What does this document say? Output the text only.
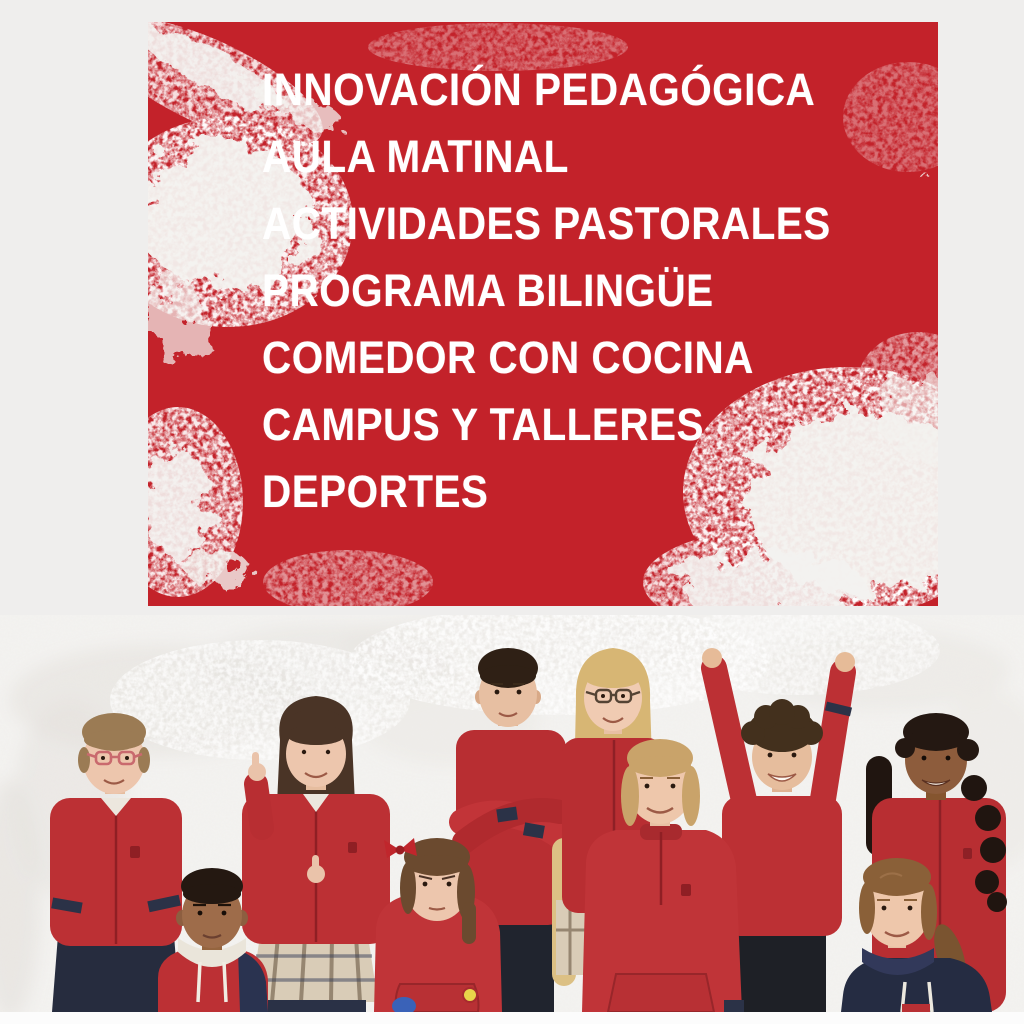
INNOVACIÓN PEDAGÓGICA
AULA MATINAL
ACTIVIDADES PASTORALES
PROGRAMA BILINGÜE
COMEDOR CON COCINA
CAMPUS Y TALLERES
DEPORTES
